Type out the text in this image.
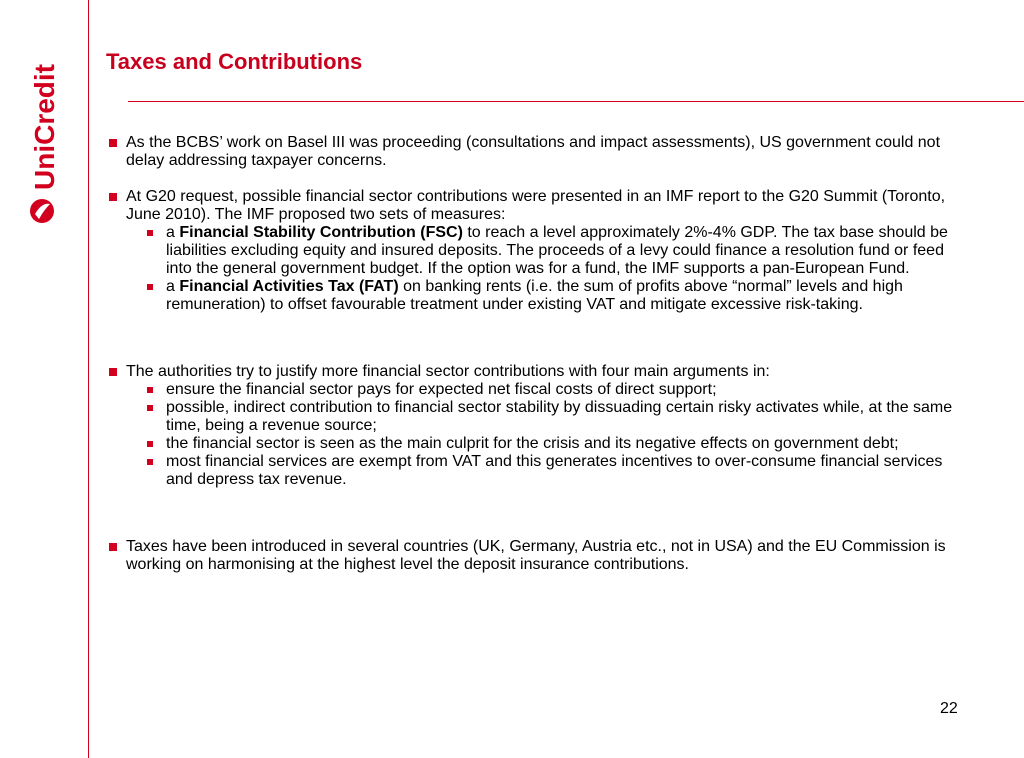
UniCredit
Taxes and Contributions

As the BCBS’ work on Basel III was proceeding (consultations and impact assessments), US government could not delay addressing taxpayer concerns.

At G20 request, possible financial sector contributions were presented in an IMF report to the G20 Summit (Toronto, June 2010). The IMF proposed two sets of measures:

a Financial Stability Contribution (FSC) to reach a level approximately 2%-4% GDP. The tax base should be liabilities excluding equity and insured deposits. The proceeds of a levy could finance a resolution fund or feed into the general government budget. If the option was for a fund, the IMF supports a pan-European Fund.

a Financial Activities Tax (FAT) on banking rents (i.e. the sum of profits above “normal” levels and high remuneration) to offset favourable treatment under existing VAT and mitigate excessive risk-taking.

The authorities try to justify more financial sector contributions with four main arguments in:

ensure the financial sector pays for expected net fiscal costs of direct support;

possible, indirect contribution to financial sector stability by dissuading certain risky activates while, at the same time, being a revenue source;

the financial sector is seen as the main culprit for the crisis and its negative effects on government debt;

most financial services are exempt from VAT and this generates incentives to over-consume financial services and depress tax revenue.

Taxes have been introduced in several countries (UK, Germany, Austria etc., not in USA) and the EU Commission is working on harmonising at the highest level the deposit insurance contributions.

22
